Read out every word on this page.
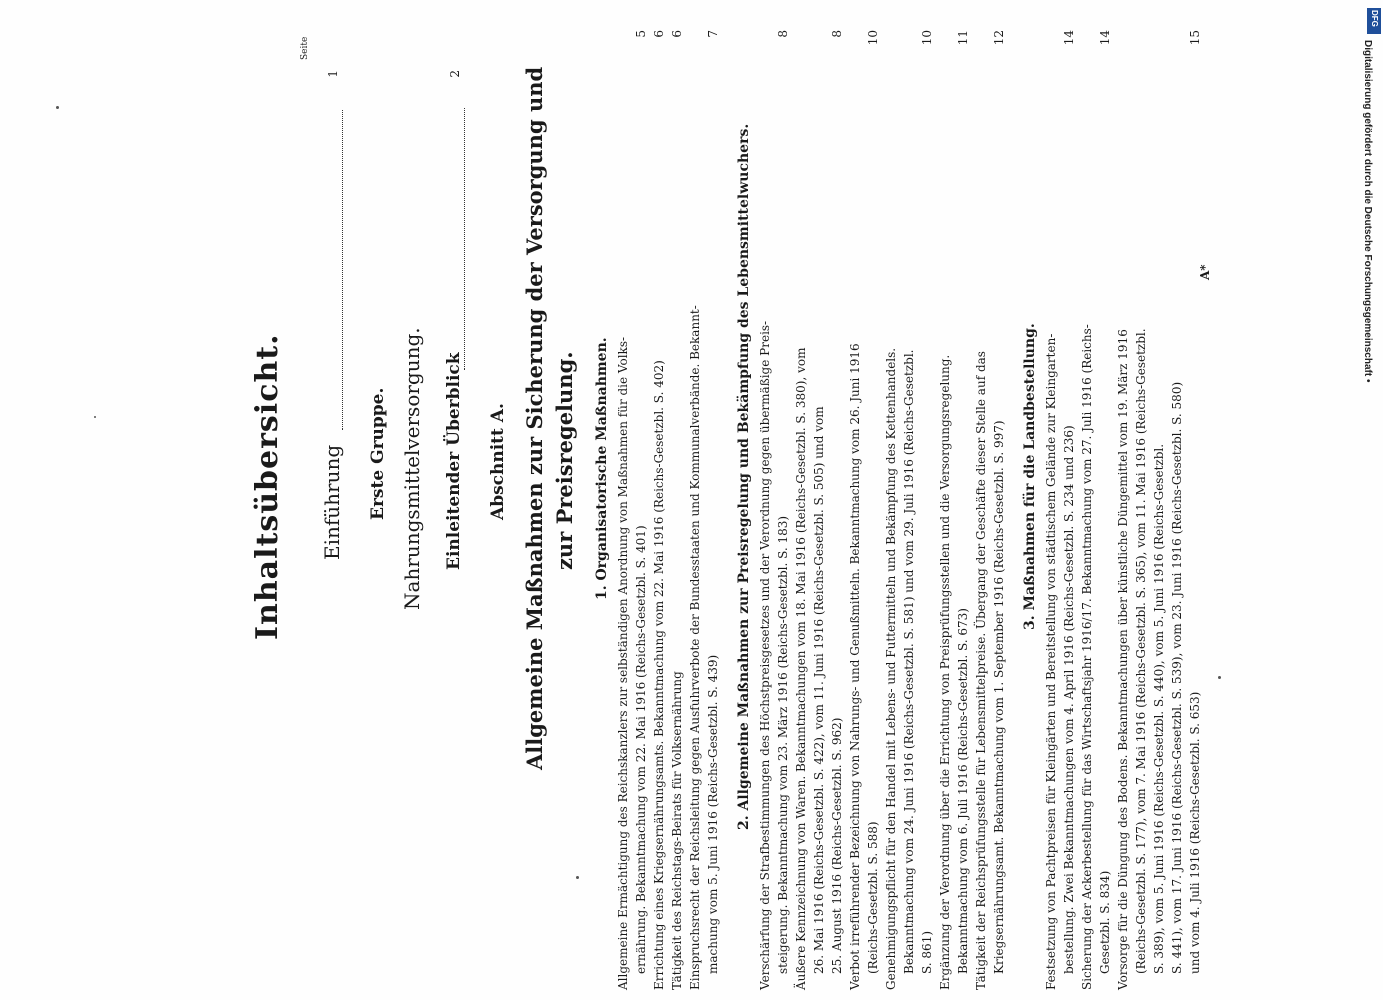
Inhaltsübersicht.
Seite
Einführung
1
Erste Gruppe. Nahrungsmittelversorgung. Einleitender Überblick
2
Abschnitt A. Allgemeine Maßnahmen zur Sicherung der Versorgung und zur Preisregelung. 1. Organisatorische Maßnahmen. Allgemeine Ermächtigung des Reichskanzlers zur selbständigen Anordnung von Maßnahmen für die Volks- ernährung. Bekanntmachung vom 22. Mai 1916 (Reichs-Gesetzbl. S. 401)
5
Errichtung eines Kriegsernährungsamts. Bekanntmachung vom 22. Mai 1916 (Reichs-Gesetzbl. S. 402)
6
Tätigkeit des Reichstags-Beirats für Volksernährung
6
Einspruchsrecht der Reichsleitung gegen Ausfuhrverbote der Bundesstaaten und Kommunalverbände. Bekannt- machung vom 5. Juni 1916 (Reichs-Gesetzbl. S. 439)
7
2. Allgemeine Maßnahmen zur Preisregelung und Bekämpfung des Lebensmittelwuchers. Verschärfung der Strafbestimmungen des Höchstpreisgesetzes und der Verordnung gegen übermäßige Preis- steigerung. Bekanntmachung vom 23. März 1916 (Reichs-Gesetzbl. S. 183)
8
Äußere Kennzeichnung von Waren. Bekanntmachungen vom 18. Mai 1916 (Reichs-Gesetzbl. S. 380), vom 26. Mai 1916 (Reichs-Gesetzbl. S. 422), vom 11. Juni 1916 (Reichs-Gesetzbl. S. 505) und vom 25. August 1916 (Reichs-Gesetzbl. S. 962)
8
Verbot irreführender Bezeichnung von Nahrungs- und Genußmitteln. Bekanntmachung vom 26. Juni 1916 (Reichs-Gesetzbl. S. 588)
10
Genehmigungspflicht für den Handel mit Lebens- und Futtermitteln und Bekämpfung des Kettenhandels. Bekanntmachung vom 24. Juni 1916 (Reichs-Gesetzbl. S. 581) und vom 29. Juli 1916 (Reichs-Gesetzbl. S. 861)
10
Ergänzung der Verordnung über die Errichtung von Preisprüfungsstellen und die Versorgungsregelung. Bekanntmachung vom 6. Juli 1916 (Reichs-Gesetzbl. S. 673)
11
Tätigkeit der Reichsprüfungsstelle für Lebensmittelpreise. Übergang der Geschäfte dieser Stelle auf das Kriegsernährungsamt. Bekanntmachung vom 1. September 1916 (Reichs-Gesetzbl. S. 997)
12
3. Maßnahmen für die Landbestellung. Festsetzung von Pachtpreisen für Kleingärten und Bereitstellung von städtischem Gelände zur Kleingarten- bestellung. Zwei Bekanntmachungen vom 4. April 1916 (Reichs-Gesetzbl. S. 234 und 236)
14
Sicherung der Ackerbestellung für das Wirtschaftsjahr 1916/17. Bekanntmachung vom 27. Juli 1916 (Reichs- Gesetzbl. S. 834)
14
Vorsorge für die Düngung des Bodens. Bekanntmachungen über künstliche Düngemittel vom 19. März 1916 (Reichs-Gesetzbl. S. 177), vom 7. Mai 1916 (Reichs-Gesetzbl. S. 365), vom 11. Mai 1916 (Reichs-Gesetzbl. S. 389), vom 5. Juni 1916 (Reichs-Gesetzbl. S. 440), vom 5. Juni 1916 (Reichs-Gesetzbl. S. 441), vom 17. Juni 1916 (Reichs-Gesetzbl. S. 539), vom 23. Juni 1916 (Reichs-Gesetzbl. S. 580) und vom 4. Juli 1916 (Reichs-Gesetzbl. S. 653)
15
A*
DFG
Digitalisierung gefördert durch die Deutsche Forschungsgemeinschaft •
